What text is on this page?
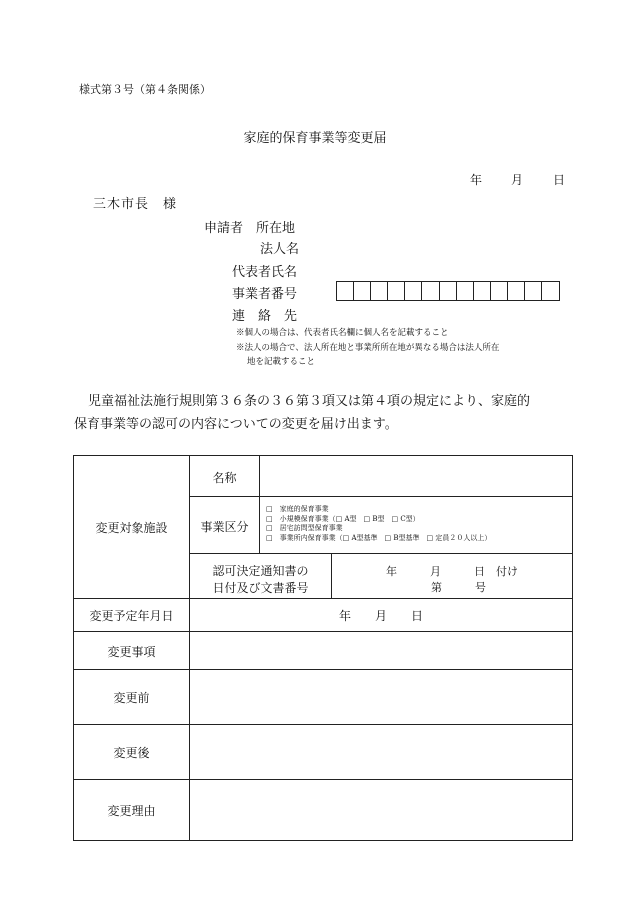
様式第３号（第４条関係）
家庭的保育事業等変更届
年 月 日
三木市長　様
申請者　所在地
法人名
代表者氏名
事業者番号
連　絡　先
※個人の場合は、代表者氏名欄に個人名を記載すること
※法人の場合で、法人所在地と事業所所在地が異なる場合は法人所在
地を記載すること
児童福祉法施行規則第３６条の３６第３項又は第４項の規定により、家庭的
保育事業等の認可の内容についての変更を届け出ます。
変更対象施設
名称
事業区分
□　家庭的保育事業
□　小規模保育事業（□ A型　□ B型　□ C型）
□　居宅訪問型保育事業
□　事業所内保育事業（□ A型基準　□ B型基準　□ 定員２０人以上）
認可決定通知書の
日付及び文書番号
年　　　月　　　日　付け
第　　　号
変更予定年月日	年　　月　　日
変更事項
変更前
変更後
変更理由
